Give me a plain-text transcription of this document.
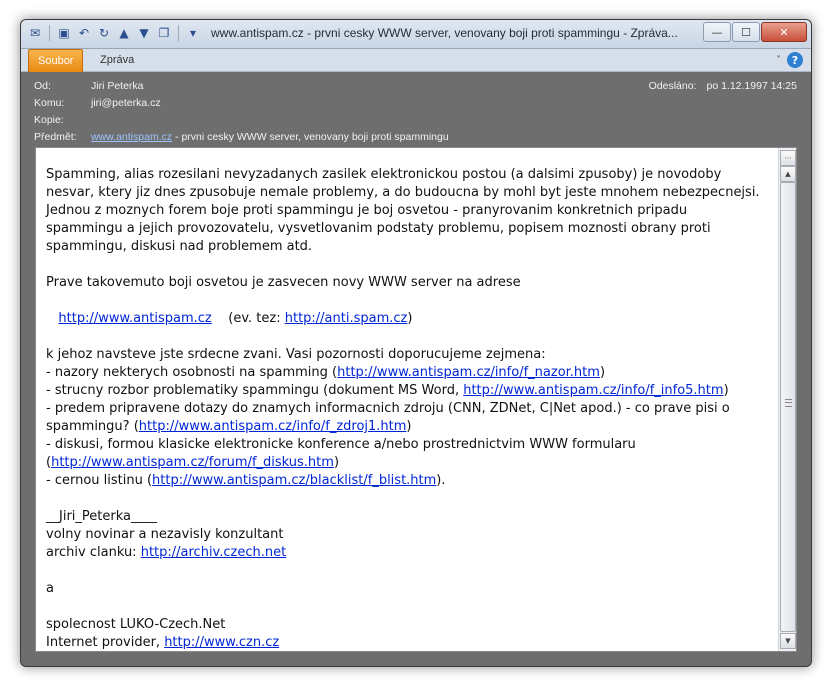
✉ ▣ ↶ ↻ ▲ ▼ ❐	▾	www.antispam.cz - prvni cesky WWW server, venovany boji proti spammingu - Zpráva...	—	☐	✕
Soubor	Zpráva	˅ ?
Od:	Jiri Peterka
Komu:	jiri@peterka.cz
Kopie:
Předmět:	www.antispam.cz - prvni cesky WWW server, venovany boji proti spammingu
Odesláno: po 1.12.1997 14:25
Spamming, alias rozesilani nevyzadanych zasilek elektronickou postou (a dalsimi zpusoby) je novodoby nesvar, ktery jiz dnes zpusobuje nemale problemy, a do budoucna by mohl byt jeste mnohem nebezpecnejsi. Jednou z moznych forem boje proti spammingu je boj osvetou - pranyrovanim konkretnich pripadu spammingu a jejich provozovatelu, vysvetlovanim podstaty problemu, popisem moznosti obrany proti spammingu, diskusi nad problemem atd.

Prave takovemuto boji osvetou je zasvecen novy WWW server na adrese

http://www.antispam.cz    (ev. tez: http://anti.spam.cz)

k jehoz navsteve jste srdecne zvani. Vasi pozornosti doporucujeme zejmena:
- nazory nekterych osobnosti na spamming (http://www.antispam.cz/info/f_nazor.htm)
- strucny rozbor problematiky spammingu (dokument MS Word, http://www.antispam.cz/info/f_info5.htm)
- predem pripravene dotazy do znamych informacnich zdroju (CNN, ZDNet, C|Net apod.) - co prave pisi o spammingu? (http://www.antispam.cz/info/f_zdroj1.htm)
- diskusi, formou klasicke elektronicke konference a/nebo prostrednictvim WWW formularu (http://www.antispam.cz/forum/f_diskus.htm)
- cernou listinu (http://www.antispam.cz/blacklist/f_blist.htm).

__Jiri_Peterka____
volny novinar a nezavisly konzultant
archiv clanku: http://archiv.czech.net

a

spolecnost LUKO-Czech.Net
Internet provider, http://www.czn.cz
⋯
▲
▼
